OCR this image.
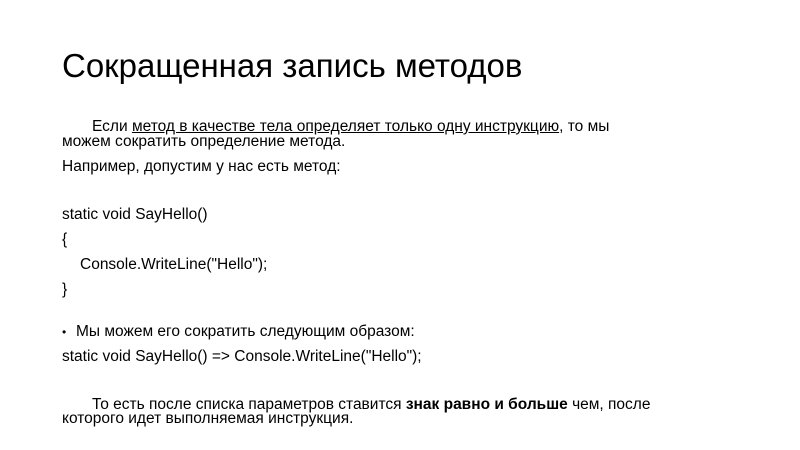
Сокращенная запись методов
Если метод в качестве тела определяет только одну инструкцию, то мы
можем сократить определение метода.
Например, допустим у нас есть метод:
static void SayHello()
{
Console.WriteLine("Hello");
}
• Мы можем его сократить следующим образом:
static void SayHello() => Console.WriteLine("Hello");
То есть после списка параметров ставится знак равно и больше чем, после
которого идет выполняемая инструкция.
